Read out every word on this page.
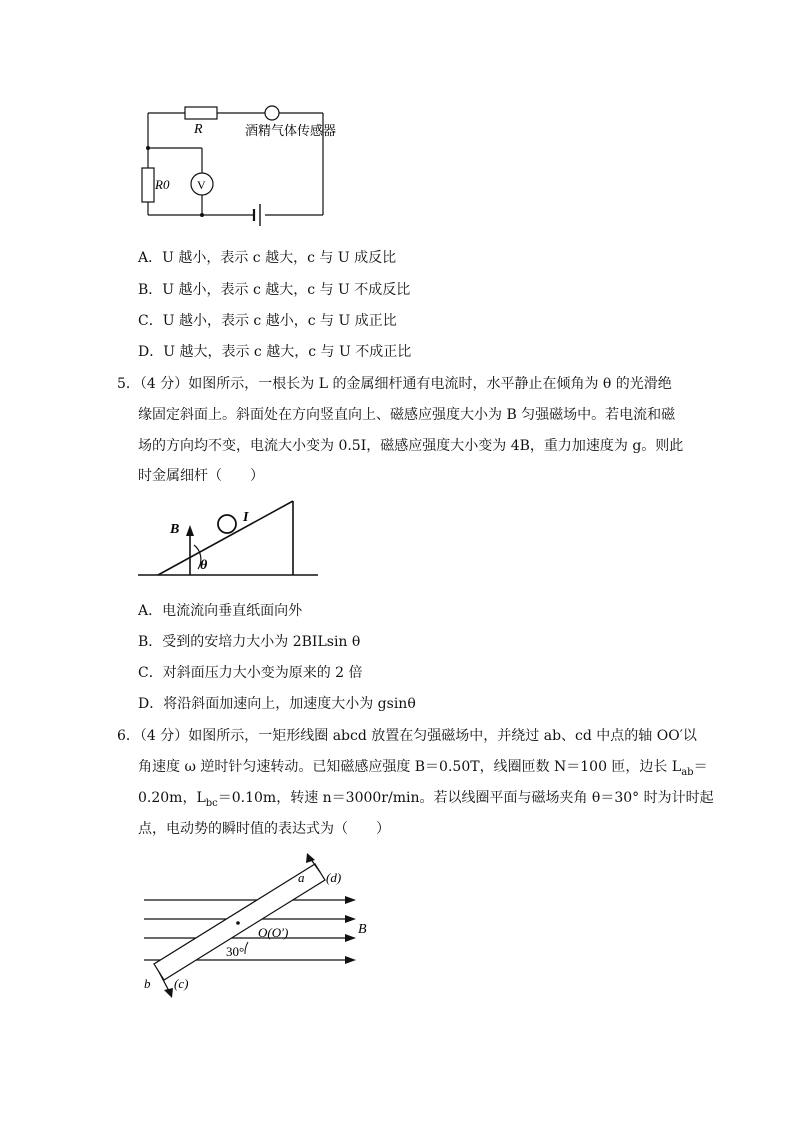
R	酒精气体传感器
R0 V
A．U 越小，表示 c 越大，c 与 U 成反比
B．U 越小，表示 c 越大，c 与 U 不成反比
C．U 越小，表示 c 越小，c 与 U 成正比
D．U 越大，表示 c 越大，c 与 U 不成正比
5．（4 分）如图所示，一根长为 L 的金属细杆通有电流时，水平静止在倾角为 θ 的光滑绝
缘固定斜面上。斜面处在方向竖直向上、磁感应强度大小为 B 匀强磁场中。若电流和磁
场的方向均不变，电流大小变为 0.5I，磁感应强度大小变为 4B，重力加速度为 g。则此
时金属细杆（　　）
B
I
θ
A．电流流向垂直纸面向外
B．受到的安培力大小为 2BILsin θ
C．对斜面压力大小变为原来的 2 倍
D．将沿斜面加速向上，加速度大小为 gsinθ
6．（4 分）如图所示，一矩形线圈 abcd 放置在匀强磁场中，并绕过 ab、cd 中点的轴 OO′以
角速度 ω 逆时针匀速转动。已知磁感应强度 B＝0.50T，线圈匝数 N＝100 匝，边长 $L_{ab}=$
0.20m，$L_{bc}=0.10m$，转速 n＝3000r/min。若以线圈平面与磁场夹角 θ＝30° 时为计时起
点，电动势的瞬时值的表达式为（　　）
a (d)
O(O′)	B
30°
b (c)
